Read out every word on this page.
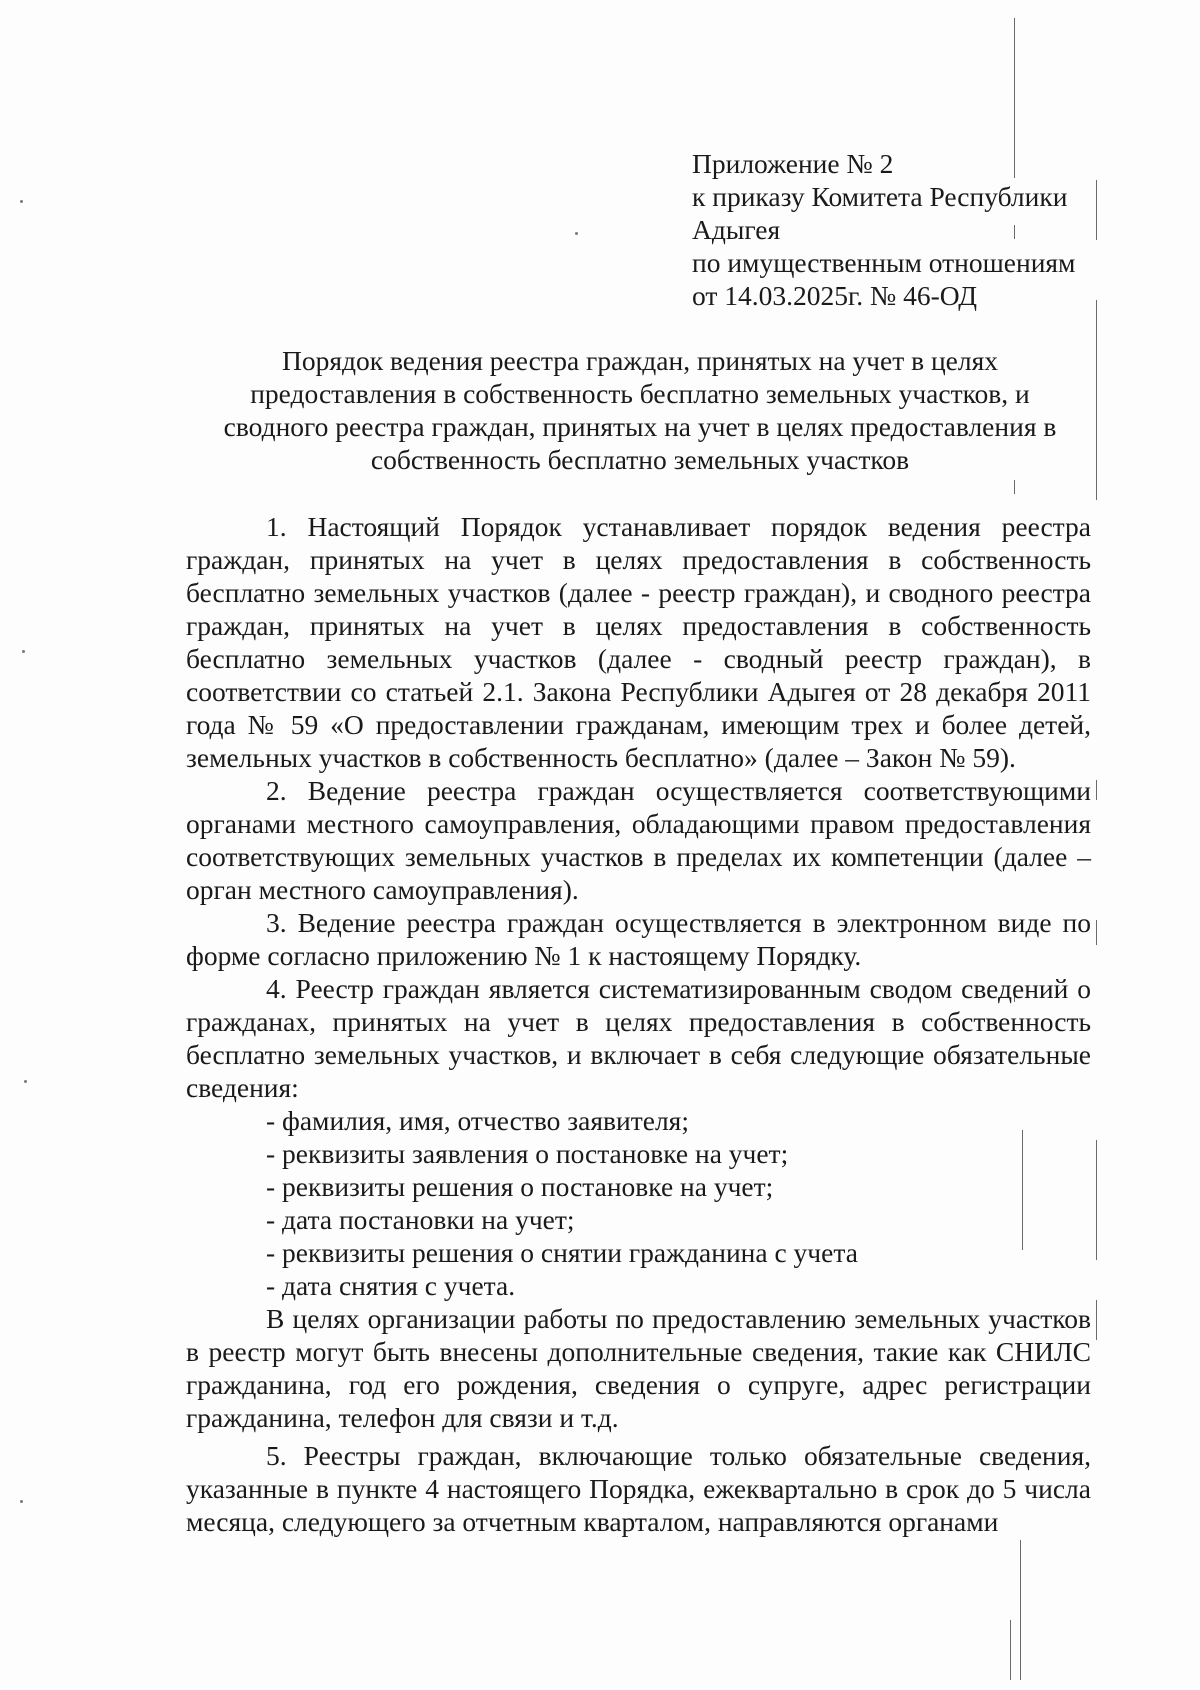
Приложение № 2
к приказу Комитета Республики
Адыгея
по имущественным отношениям
от 14.03.2025г. № 46-ОД
Порядок ведения реестра граждан, принятых на учет в целях
предоставления в собственность бесплатно земельных участков, и
сводного реестра граждан, принятых на учет в целях предоставления в
собственность бесплатно земельных участков

1. Настоящий Порядок устанавливает порядок ведения реестра граждан, принятых на учет в целях предоставления в собственность бесплатно земельных участков (далее - реестр граждан), и сводного реестра граждан, принятых на учет в целях предоставления в собственность бесплатно земельных участков (далее - сводный реестр граждан), в соответствии со статьей 2.1. Закона Республики Адыгея от 28 декабря 2011 года № 59 «О предоставлении гражданам, имеющим трех и более детей, земельных участков в собственность бесплатно» (далее – Закон № 59).

2. Ведение реестра граждан осуществляется соответствующими органами местного самоуправления, обладающими правом предоставления соответствующих земельных участков в пределах их компетенции (далее – орган местного самоуправления).

3. Ведение реестра граждан осуществляется в электронном виде по форме согласно приложению № 1 к настоящему Порядку.

4. Реестр граждан является систематизированным сводом сведений о гражданах, принятых на учет в целях предоставления в собственность бесплатно земельных участков, и включает в себя следующие обязательные сведения:

- фамилия, имя, отчество заявителя;
- реквизиты заявления о постановке на учет;
- реквизиты решения о постановке на учет;
- дата постановки на учет;
- реквизиты решения о снятии гражданина с учета
- дата снятия с учета.

В целях организации работы по предоставлению земельных участков в реестр могут быть внесены дополнительные сведения, такие как СНИЛС гражданина, год его рождения, сведения о супруге, адрес регистрации гражданина, телефон для связи и т.д.

5. Реестры граждан, включающие только обязательные сведения, указанные в пункте 4 настоящего Порядка, ежеквартально в срок до 5 числа месяца, следующего за отчетным кварталом, направляются органами
